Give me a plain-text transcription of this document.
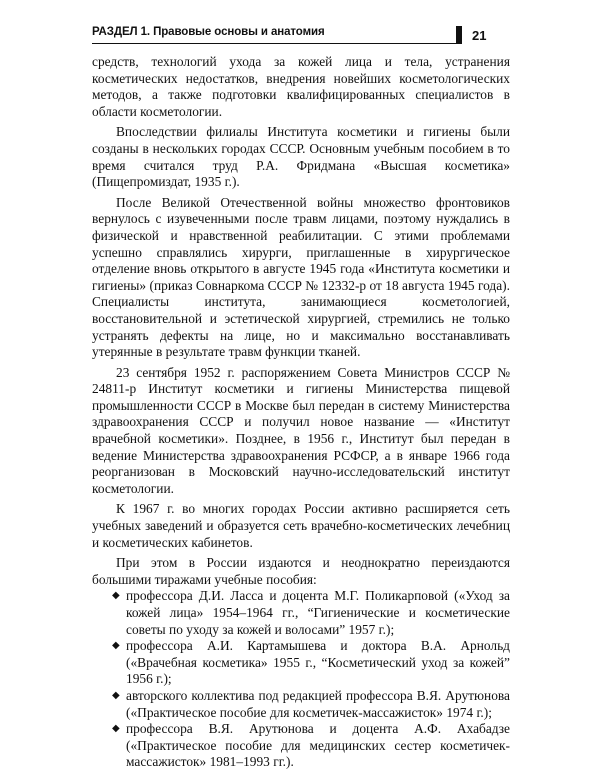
РАЗДЕЛ 1. Правовые основы и анатомия	21

средств, технологий ухода за кожей лица и тела, устранения косметических недостатков, внедрения новейших косметологических методов, а также подготовки квалифицированных специалистов в области косметологии.

Впоследствии филиалы Института косметики и гигиены были созданы в нескольких городах СССР. Основным учебным пособием в то время считался труд Р.А. Фридмана «Высшая косметика» (Пищепромиздат, 1935 г.).

После Великой Отечественной войны множество фронтовиков вернулось с изувеченными после травм лицами, поэтому нуждались в физической и нравственной реабилитации. С этими проблемами успешно справлялись хирурги, приглашенные в хирургическое отделение вновь открытого в августе 1945 года «Института косметики и гигиены» (приказ Совнаркома СССР № 12332-р от 18 августа 1945 года). Специалисты института, занимающиеся косметологией, восстановительной и эстетической хирургией, стремились не только устранять дефекты на лице, но и максимально восстанавливать утерянные в результате травм функции тканей.

23 сентября 1952 г. распоряжением Совета Министров СССР № 24811-р Институт косметики и гигиены Министерства пищевой промышленности СССР в Москве был передан в систему Министерства здравоохранения СССР и получил новое название — «Институт врачебной косметики». Позднее, в 1956 г., Институт был передан в ведение Министерства здравоохранения РСФСР, а в январе 1966 года реорганизован в Московский научно-исследовательский институт косметологии.

К 1967 г. во многих городах России активно расширяется сеть учебных заведений и образуется сеть врачебно-косметических лечебниц и косметических кабинетов.

При этом в России издаются и неоднократно переиздаются большими тиражами учебные пособия:

◆ профессора Д.И. Ласса и доцента М.Г. Поликарповой («Уход за кожей лица» 1954–1964 гг., “Гигиенические и косметические советы по уходу за кожей и волосами” 1957 г.);
◆ профессора А.И. Картамышева и доктора В.А. Арнольд («Врачебная косметика» 1955 г., “Косметический уход за кожей” 1956 г.);
◆ авторского коллектива под редакцией профессора В.Я. Арутюнова («Практическое пособие для косметичек-массажисток» 1974 г.);
◆ профессора В.Я. Арутюнова и доцента А.Ф. Ахабадзе («Практическое пособие для медицинских сестер косметичек-массажисток» 1981–1993 гг.).
